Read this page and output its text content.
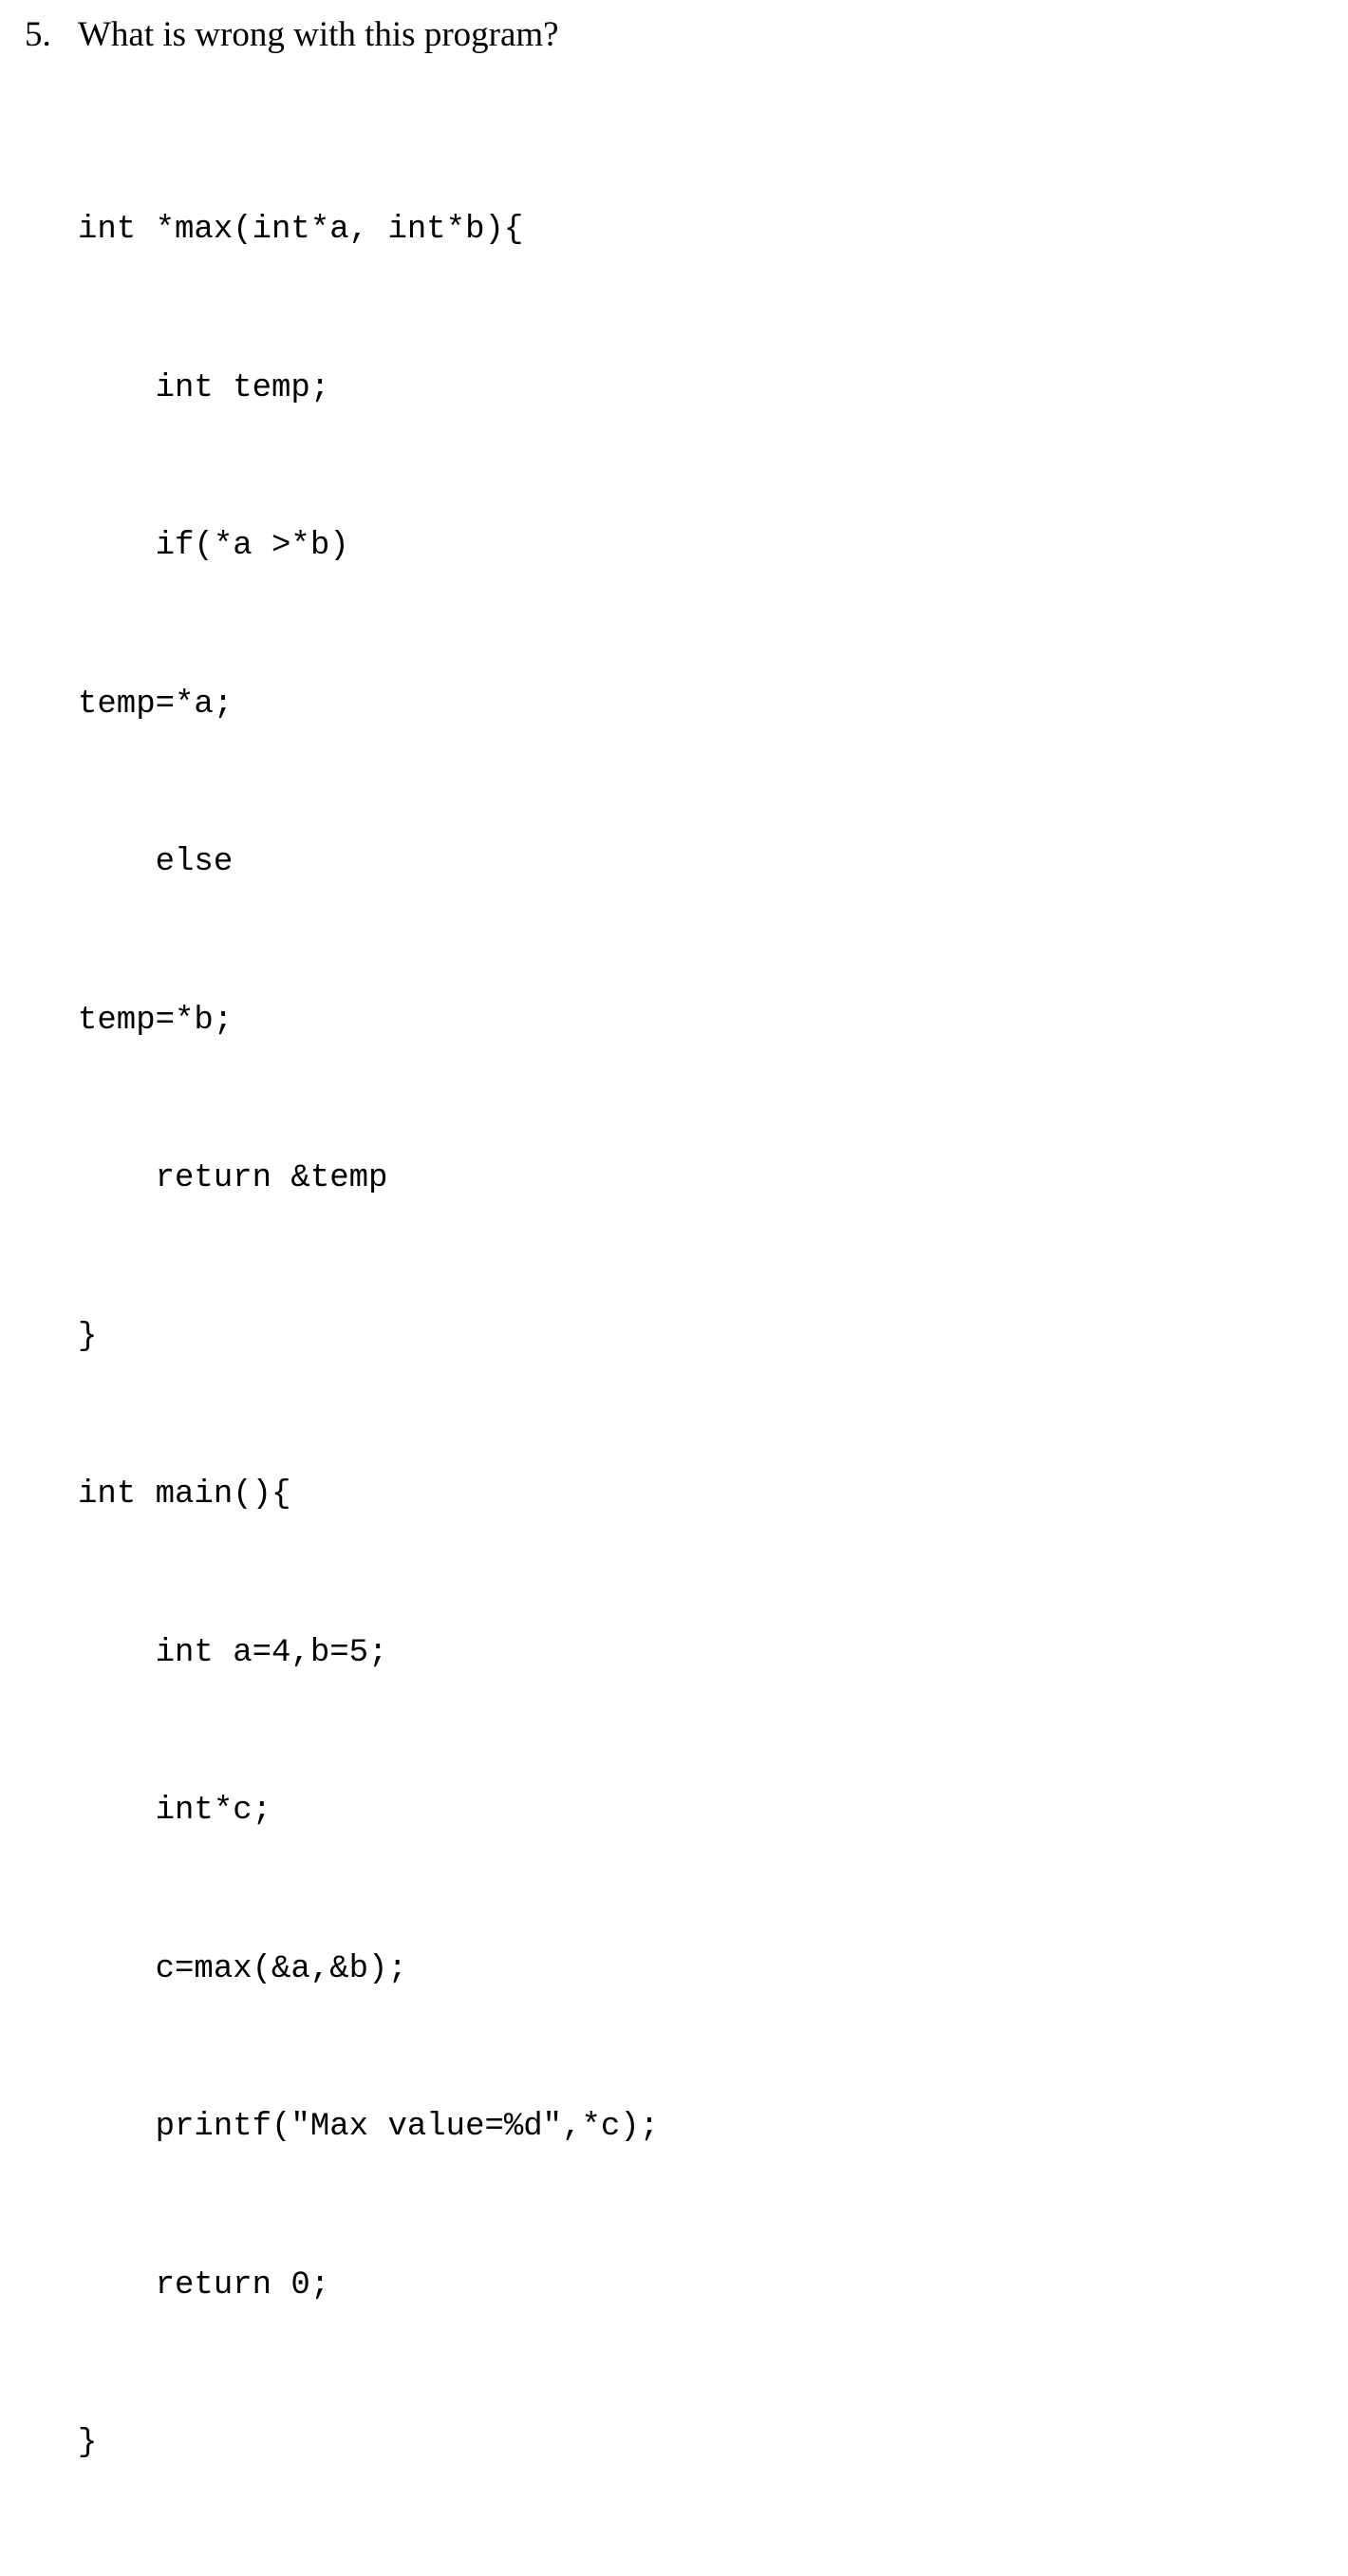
5. What is wrong with this program?

int *max(int*a, int*b){

int temp;

if(*a >*b)

temp=*a;

else

temp=*b;

return &temp

}

int main(){

int a=4,b=5;

int*c;

c=max(&a,&b);

printf("Max value=%d",*c);

return 0;

}
